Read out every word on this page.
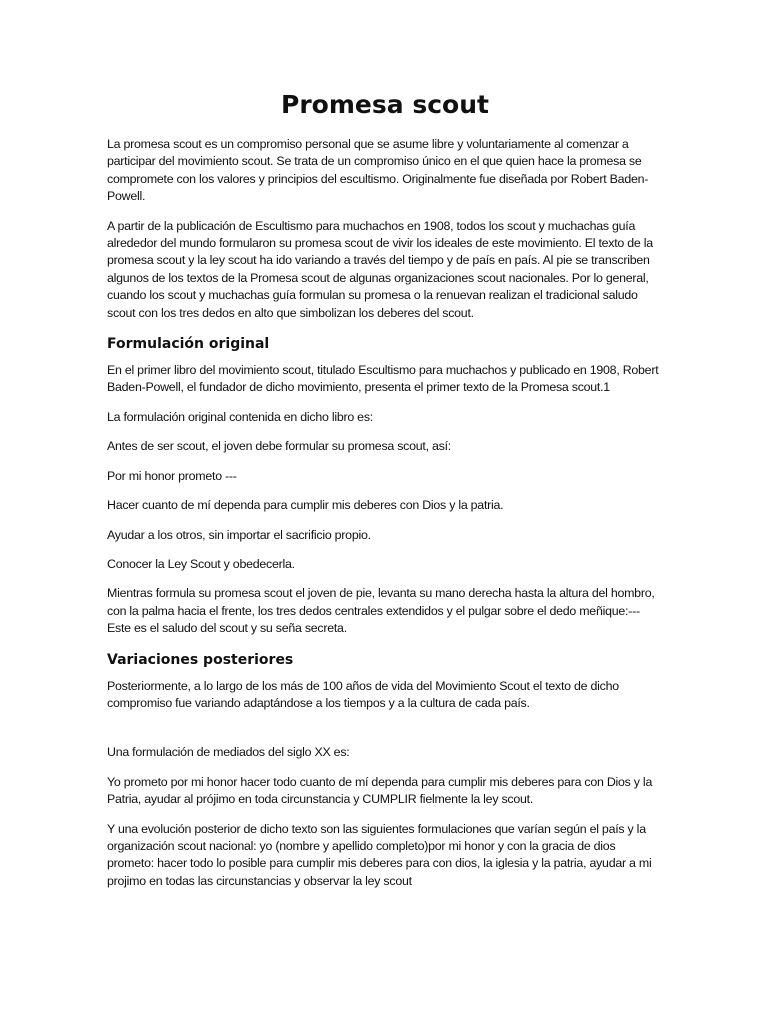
Promesa scout

La promesa scout es un compromiso personal que se asume libre y voluntariamente al comenzar a participar del movimiento scout. Se trata de un compromiso único en el que quien hace la promesa se compromete con los valores y principios del escultismo. Originalmente fue diseñada por Robert Baden-Powell.

A partir de la publicación de Escultismo para muchachos en 1908, todos los scout y muchachas guía alrededor del mundo formularon su promesa scout de vivir los ideales de este movimiento. El texto de la promesa scout y la ley scout ha ido variando a través del tiempo y de país en país. Al pie se transcriben algunos de los textos de la Promesa scout de algunas organizaciones scout nacionales. Por lo general, cuando los scout y muchachas guía formulan su promesa o la renuevan realizan el tradicional saludo scout con los tres dedos en alto que simbolizan los deberes del scout.

Formulación original

En el primer libro del movimiento scout, titulado Escultismo para muchachos y publicado en 1908, Robert Baden-Powell, el fundador de dicho movimiento, presenta el primer texto de la Promesa scout.1

La formulación original contenida en dicho libro es:

Antes de ser scout, el joven debe formular su promesa scout, así:

Por mi honor prometo ---

Hacer cuanto de mí dependa para cumplir mis deberes con Dios y la patria.

Ayudar a los otros, sin importar el sacrificio propio.

Conocer la Ley Scout y obedecerla.

Mientras formula su promesa scout el joven de pie, levanta su mano derecha hasta la altura del hombro, con la palma hacia el frente, los tres dedos centrales extendidos y el pulgar sobre el dedo meñique:--- Este es el saludo del scout y su seña secreta.

Variaciones posteriores

Posteriormente, a lo largo de los más de 100 años de vida del Movimiento Scout el texto de dicho compromiso fue variando adaptándose a los tiempos y a la cultura de cada país.

Una formulación de mediados del siglo XX es:

Yo prometo por mi honor hacer todo cuanto de mí dependa para cumplir mis deberes para con Dios y la Patria, ayudar al prójimo en toda circunstancia y CUMPLIR fielmente la ley scout.

Y una evolución posterior de dicho texto son las siguientes formulaciones que varían según el país y la organización scout nacional: yo (nombre y apellido completo)por mi honor y con la gracia de dios prometo: hacer todo lo posible para cumplir mis deberes para con dios, la iglesia y la patria, ayudar a mi projimo en todas las circunstancias y observar la ley scout
